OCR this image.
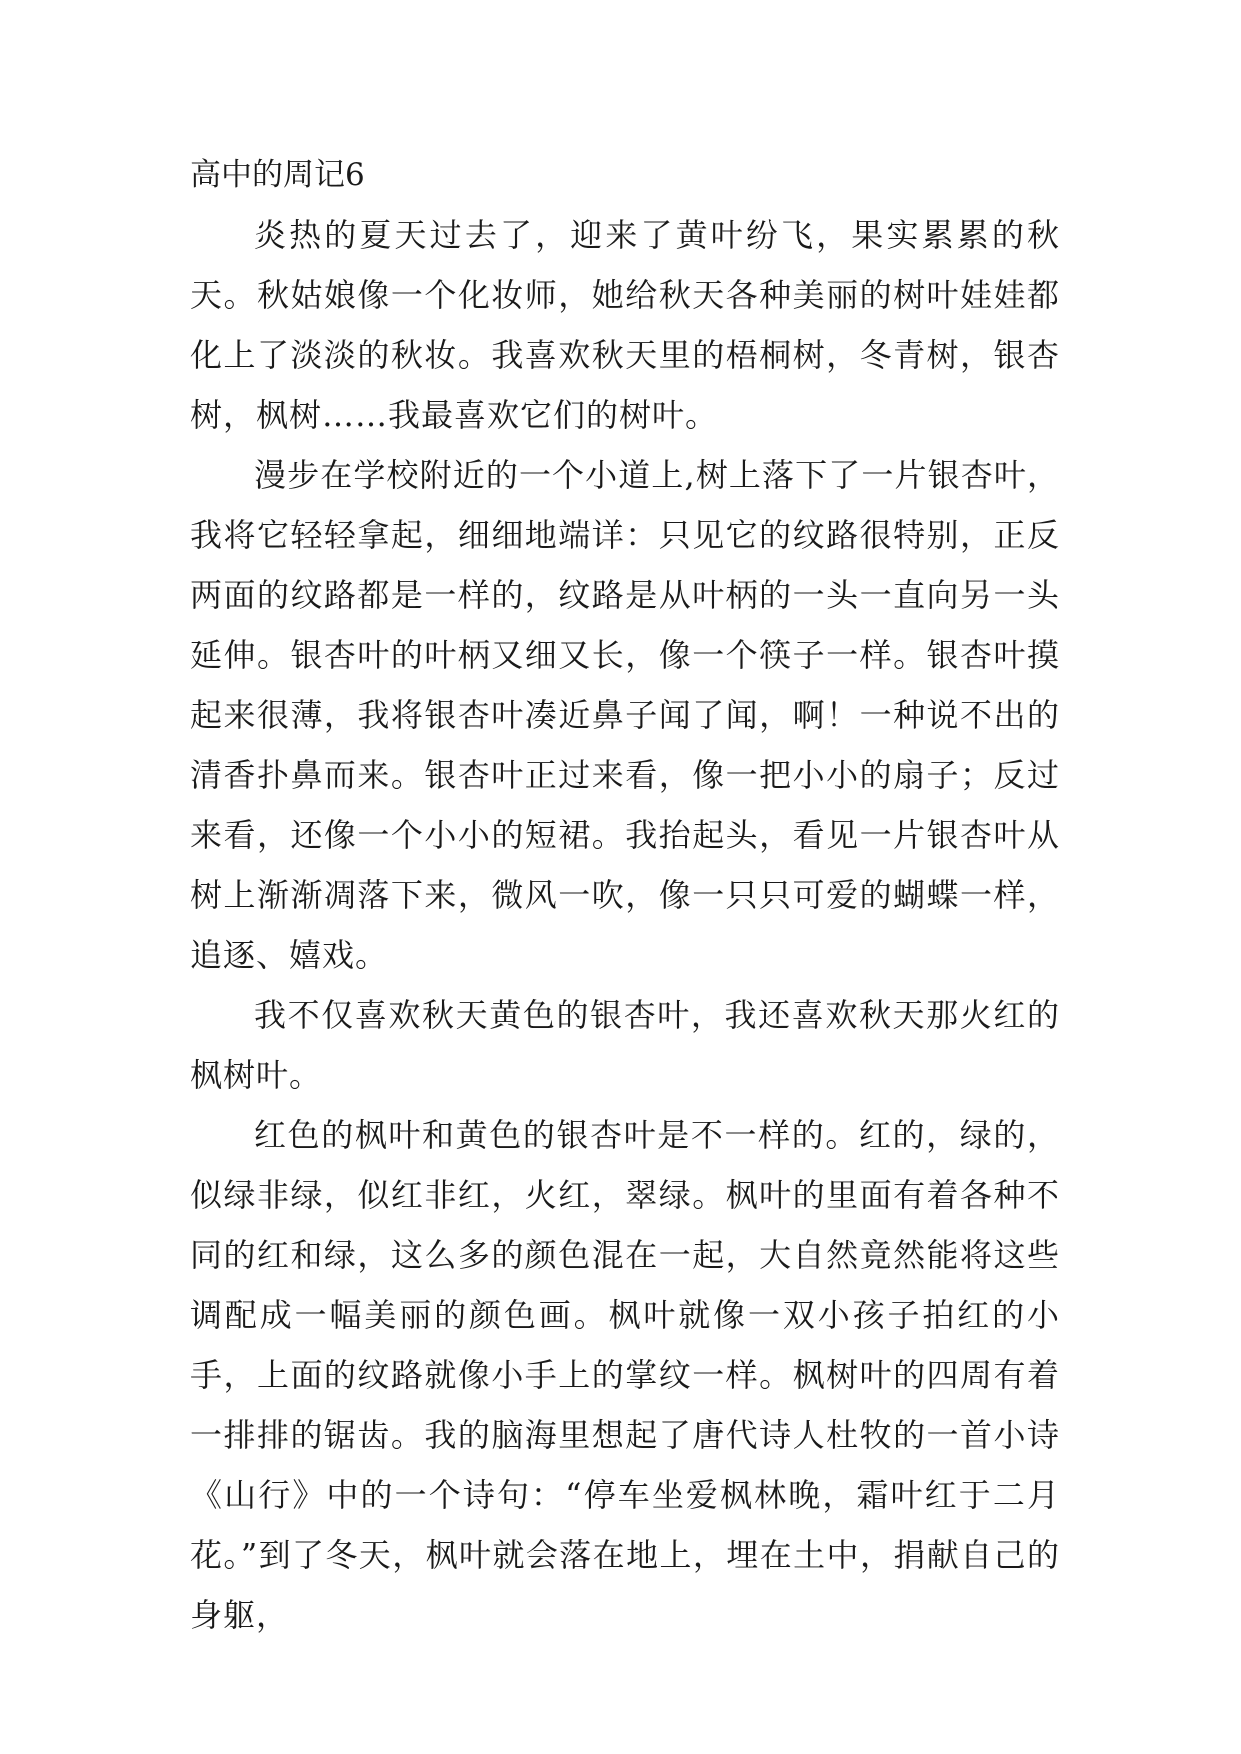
高中的周记6

炎热的夏天过去了，迎来了黄叶纷飞，果实累累的秋天。秋姑娘像一个化妆师，她给秋天各种美丽的树叶娃娃都化上了淡淡的秋妆。我喜欢秋天里的梧桐树，冬青树，银杏树，枫树……我最喜欢它们的树叶。

漫步在学校附近的一个小道上,树上落下了一片银杏叶，我将它轻轻拿起，细细地端详：只见它的纹路很特别，正反两面的纹路都是一样的，纹路是从叶柄的一头一直向另一头延伸。银杏叶的叶柄又细又长，像一个筷子一样。银杏叶摸起来很薄，我将银杏叶凑近鼻子闻了闻，啊！一种说不出的清香扑鼻而来。银杏叶正过来看，像一把小小的扇子；反过来看，还像一个小小的短裙。我抬起头，看见一片银杏叶从树上渐渐凋落下来，微风一吹，像一只只可爱的蝴蝶一样，追逐、嬉戏。

我不仅喜欢秋天黄色的银杏叶，我还喜欢秋天那火红的枫树叶。

红色的枫叶和黄色的银杏叶是不一样的。红的，绿的，似绿非绿，似红非红，火红，翠绿。枫叶的里面有着各种不同的红和绿，这么多的颜色混在一起，大自然竟然能将这些调配成一幅美丽的颜色画。枫叶就像一双小孩子拍红的小手，上面的纹路就像小手上的掌纹一样。枫树叶的四周有着一排排的锯齿。我的脑海里想起了唐代诗人杜牧的一首小诗《山行》中的一个诗句：“停车坐爱枫林晚，霜叶红于二月花。”到了冬天，枫叶就会落在地上，埋在土中，捐献自己的身躯，
